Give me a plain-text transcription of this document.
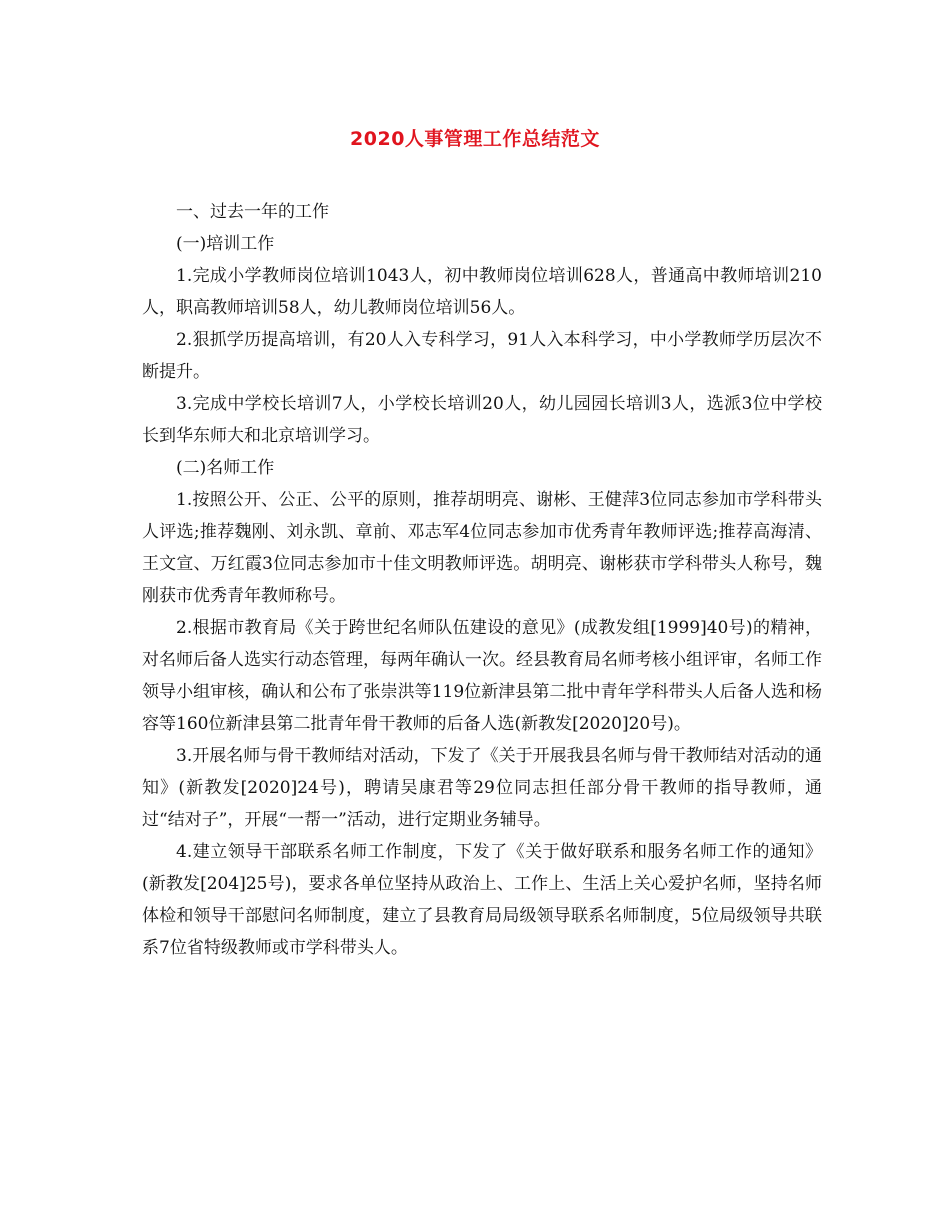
2020人事管理工作总结范文

一、过去一年的工作

(一)培训工作

1.完成小学教师岗位培训1043人，初中教师岗位培训628人，普通高中教师培训210人，职高教师培训58人，幼儿教师岗位培训56人。

2.狠抓学历提高培训，有20人入专科学习，91人入本科学习，中小学教师学历层次不断提升。

3.完成中学校长培训7人，小学校长培训20人，幼儿园园长培训3人，选派3位中学校长到华东师大和北京培训学习。

(二)名师工作

1.按照公开、公正、公平的原则，推荐胡明亮、谢彬、王健萍3位同志参加市学科带头人评选;推荐魏刚、刘永凯、章前、邓志军4位同志参加市优秀青年教师评选;推荐高海清、王文宣、万红霞3位同志参加市十佳文明教师评选。胡明亮、谢彬获市学科带头人称号，魏刚获市优秀青年教师称号。

2.根据市教育局《关于跨世纪名师队伍建设的意见》(成教发组[1999]40号)的精神，对名师后备人选实行动态管理，每两年确认一次。经县教育局名师考核小组评审，名师工作领导小组审核，确认和公布了张崇洪等119位新津县第二批中青年学科带头人后备人选和杨容等160位新津县第二批青年骨干教师的后备人选(新教发[2020]20号)。

3.开展名师与骨干教师结对活动，下发了《关于开展我县名师与骨干教师结对活动的通知》(新教发[2020]24号)，聘请吴康君等29位同志担任部分骨干教师的指导教师，通过“结对子”，开展“一帮一”活动，进行定期业务辅导。

4.建立领导干部联系名师工作制度，下发了《关于做好联系和服务名师工作的通知》(新教发[204]25号)，要求各单位坚持从政治上、工作上、生活上关心爱护名师，坚持名师体检和领导干部慰问名师制度，建立了县教育局局级领导联系名师制度，5位局级领导共联系7位省特级教师或市学科带头人。
